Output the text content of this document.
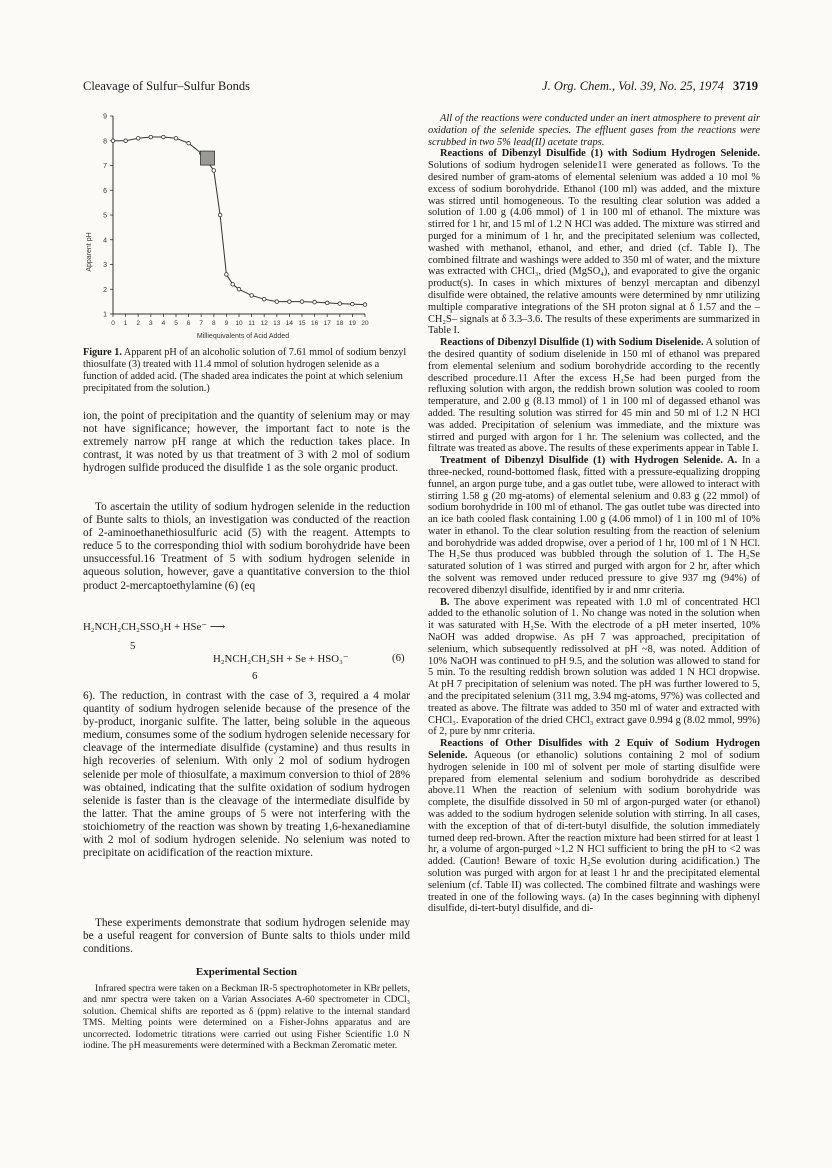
Cleavage of Sulfur–Sulfur Bonds	J. Org. Chem., Vol. 39, No. 25, 1974 3719
1
2
3
4
5
6
7
8
9
0 1 2 3 4 5 6 7 8 9 10 11 12 13 14 15 16 17 18 19 20
Apparent pH
Milliequivalents of Acid Added
Figure 1. Apparent pH of an alcoholic solution of 7.61 mmol of sodium benzyl thiosulfate (3) treated with 11.4 mmol of solution hydrogen selenide as a function of added acid. (The shaded area indicates the point at which selenium precipitated from the solution.)
ion, the point of precipitation and the quantity of selenium may or may not have significance; however, the important fact to note is the extremely narrow pH range at which the reduction takes place. In contrast, it was noted by us that treatment of 3 with 2 mol of sodium hydrogen sulfide produced the disulfide 1 as the sole organic product.
To ascertain the utility of sodium hydrogen selenide in the reduction of Bunte salts to thiols, an investigation was conducted of the reaction of 2-aminoethanethiosulfuric acid (5) with the reagent. Attempts to reduce 5 to the corresponding thiol with sodium borohydride have been unsuccessful.16 Treatment of 5 with sodium hydrogen selenide in aqueous solution, however, gave a quantitative conversion to the thiol product 2-mercaptoethylamine (6) (eq
H₂NCH₂CH₂SSO₃H + HSe⁻ ⟶
5
H₂NCH₂CH₂SH + Se + HSO₃⁻	(6)
6
6). The reduction, in contrast with the case of 3, required a 4 molar quantity of sodium hydrogen selenide because of the presence of the by-product, inorganic sulfite. The latter, being soluble in the aqueous medium, consumes some of the sodium hydrogen selenide necessary for cleavage of the intermediate disulfide (cystamine) and thus results in high recoveries of selenium. With only 2 mol of sodium hydrogen selenide per mole of thiosulfate, a maximum conversion to thiol of 28% was obtained, indicating that the sulfite oxidation of sodium hydrogen selenide is faster than is the cleavage of the intermediate disulfide by the latter. That the amine groups of 5 were not interfering with the stoichiometry of the reaction was shown by treating 1,6-hexanediamine with 2 mol of sodium hydrogen selenide. No selenium was noted to precipitate on acidification of the reaction mixture.
These experiments demonstrate that sodium hydrogen selenide may be a useful reagent for conversion of Bunte salts to thiols under mild conditions.
Experimental Section
Infrared spectra were taken on a Beckman IR-5 spectrophotometer in KBr pellets, and nmr spectra were taken on a Varian Associates A-60 spectrometer in CDCl₃ solution. Chemical shifts are reported as δ (ppm) relative to the internal standard TMS. Melting points were determined on a Fisher-Johns apparatus and are uncorrected. Iodometric titrations were carried out using Fisher Scientific 1.0 N iodine. The pH measurements were determined with a Beckman Zeromatic meter.

All of the reactions were conducted under an inert atmosphere to prevent air oxidation of the selenide species. The effluent gases from the reactions were scrubbed in two 5% lead(II) acetate traps.

Reactions of Dibenzyl Disulfide (1) with Sodium Hydrogen Selenide. Solutions of sodium hydrogen selenide11 were generated as follows. To the desired number of gram-atoms of elemental selenium was added a 10 mol % excess of sodium borohydride. Ethanol (100 ml) was added, and the mixture was stirred until homogeneous. To the resulting clear solution was added a solution of 1.00 g (4.06 mmol) of 1 in 100 ml of ethanol. The mixture was stirred for 1 hr, and 15 ml of 1.2 N HCl was added. The mixture was stirred and purged for a minimum of 1 hr, and the precipitated selenium was collected, washed with methanol, ethanol, and ether, and dried (cf. Table I). The combined filtrate and washings were added to 350 ml of water, and the mixture was extracted with CHCl₃, dried (MgSO₄), and evaporated to give the organic product(s). In cases in which mixtures of benzyl mercaptan and dibenzyl disulfide were obtained, the relative amounts were determined by nmr utilizing multiple comparative integrations of the SH proton signal at δ 1.57 and the –CH₂S– signals at δ 3.3–3.6. The results of these experiments are summarized in Table I.

Reactions of Dibenzyl Disulfide (1) with Sodium Diselenide. A solution of the desired quantity of sodium diselenide in 150 ml of ethanol was prepared from elemental selenium and sodium borohydride according to the recently described procedure.11 After the excess H₂Se had been purged from the refluxing solution with argon, the reddish brown solution was cooled to room temperature, and 2.00 g (8.13 mmol) of 1 in 100 ml of degassed ethanol was added. The resulting solution was stirred for 45 min and 50 ml of 1.2 N HCl was added. Precipitation of selenium was immediate, and the mixture was stirred and purged with argon for 1 hr. The selenium was collected, and the filtrate was treated as above. The results of these experiments appear in Table I.

Treatment of Dibenzyl Disulfide (1) with Hydrogen Selenide. A. In a three-necked, round-bottomed flask, fitted with a pressure-equalizing dropping funnel, an argon purge tube, and a gas outlet tube, were allowed to interact with stirring 1.58 g (20 mg-atoms) of elemental selenium and 0.83 g (22 mmol) of sodium borohydride in 100 ml of ethanol. The gas outlet tube was directed into an ice bath cooled flask containing 1.00 g (4.06 mmol) of 1 in 100 ml of 10% water in ethanol. To the clear solution resulting from the reaction of selenium and borohydride was added dropwise, over a period of 1 hr, 100 ml of 1 N HCl. The H₂Se thus produced was bubbled through the solution of 1. The H₂Se saturated solution of 1 was stirred and purged with argon for 2 hr, after which the solvent was removed under reduced pressure to give 937 mg (94%) of recovered dibenzyl disulfide, identified by ir and nmr criteria.

B. The above experiment was repeated with 1.0 ml of concentrated HCl added to the ethanolic solution of 1. No change was noted in the solution when it was saturated with H₂Se. With the electrode of a pH meter inserted, 10% NaOH was added dropwise. As pH 7 was approached, precipitation of selenium, which subsequently redissolved at pH ~8, was noted. Addition of 10% NaOH was continued to pH 9.5, and the solution was allowed to stand for 5 min. To the resulting reddish brown solution was added 1 N HCl dropwise. At pH 7 precipitation of selenium was noted. The pH was further lowered to 5, and the precipitated selenium (311 mg, 3.94 mg-atoms, 97%) was collected and treated as above. The filtrate was added to 350 ml of water and extracted with CHCl₃. Evaporation of the dried CHCl₃ extract gave 0.994 g (8.02 mmol, 99%) of 2, pure by nmr criteria.

Reactions of Other Disulfides with 2 Equiv of Sodium Hydrogen Selenide. Aqueous (or ethanolic) solutions containing 2 mol of sodium hydrogen selenide in 100 ml of solvent per mole of starting disulfide were prepared from elemental selenium and sodium borohydride as described above.11 When the reaction of selenium with sodium borohydride was complete, the disulfide dissolved in 50 ml of argon-purged water (or ethanol) was added to the sodium hydrogen selenide solution with stirring. In all cases, with the exception of that of di-tert-butyl disulfide, the solution immediately turned deep red-brown. After the reaction mixture had been stirred for at least 1 hr, a volume of argon-purged ~1.2 N HCl sufficient to bring the pH to <2 was added. (Caution! Beware of toxic H₂Se evolution during acidification.) The solution was purged with argon for at least 1 hr and the precipitated elemental selenium (cf. Table II) was collected. The combined filtrate and washings were treated in one of the following ways. (a) In the cases beginning with diphenyl disulfide, di-tert-butyl disulfide, and di-
